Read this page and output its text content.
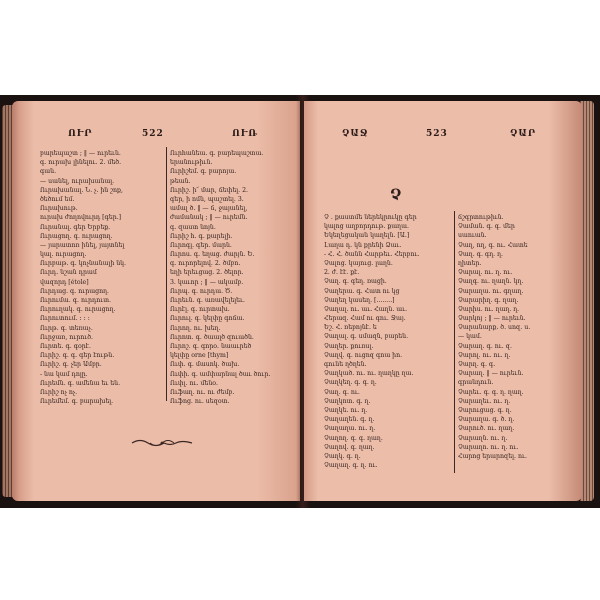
ՈՒՐ	522	ՈՒՌ
բարեպաշտ ; ‖ — ուրեւն.
գ. ուրախ լինելու. 2. մեծ.
գան.
— սանել, ուրախանալ.
Ուրախանալ. Ն. չ. ին շոք,
ծեծում եմ.
Ուրախութ.
ուրախ ժողովուրդ [գեր.]
Ուրանալ. գեր Երբեք.
Ուրացող. գ. ուրացող.
— յարատոռ ինել, յայտնել
կալ. ուրացող.
Ուրբաթ. գ. կոչնանալի նկ.
Ուրդ. նշան դրամ
վազորդ [étole]
Ուրդաց. գ. ուրացող.
Ուրումա. գ. ուրդուտ.
Ուրուղակ. գ. ուրացող.
Ուրուտում. ։ ։ ։
Ուրթ. գ. տեռաչ.
Ուրջառ, ուրուծ.
Ուրտե. գ. գօրէ.
Ուրիշ. գ. գ. գեր էութն.
Ուրիշ. գ. չեր Ամբր.
- նա կամ դոլը.
Ուրեմն. գ. ամենա եւ են.
Ուրիշ ոչ ոչ.
Ուրեմեմ. գ. բարախել.
Ուրհանեա. գ. բարեպաշտա.
երանութիւն.
Ուրիշեմ. գ. բարոյա.
թեան.
Ուրիշ. ի՜ մար, ճեփել. 2.
գեր, ի ոմն, պաշտել. 3.
ամալ ծ. ‖ — ճ, ջայանել,
ժամանակ ; ‖ — ուրեմն.
գ. զաստ նոյն.
Ուրիշ հ. գ. քարելի.
Ուրոգլ. գեր. մարն.
Ուրոս. գ. եղաց. ժարյն. Ե.
գ. ուրորելով. 2. ծմբո.
եղի երեւցաց. 2. ծելոր.
3. կաւոր ; ‖ — ակամբ.
Ուրպ. գ. ուրդա. Ծ.
Ուրեւն. գ. առավելելեւ.
Ուրէլ. գ. ուրտախ.
Ուրուլ. գ. կելփը գոճա.
Ուրող. ու. խեղ.
Ուրոտ. գ. ծաալծ զուածն.
Ուրոշ. գ. գորօ. նաաւրեծ
կելփը orne [thym]
Ուփ. գ. մասոկ. ծախ.
Ուփի. գ. ամփարնալ ծաւ ծուր.
Ուփլ. ու. մենօ.
Ուֆաղ. ու. ու ժեմբ.
Ուֆոց. ու. սեզօտ.
ՉԱՋ	523	ՉԱՐ
Չ
Չ . քաստմե ներեկրուկը գեր
կալոց աղբորդութ. քաղա.
Եկեղեցական կաղելն. [Ա.]
Լաղա դ. կն քրենի Ձաւ.
- Հ. Հ. ծանն Հարթեւ. Հերբու.
Չալոց. կայուց. լաղն.
2. ժ. էէ. քէ.
Չաղ. գ. գեղ. ռացի.
Չաղերա. գ. Հատ ու կց
Չաղեղ կասեղ. [........]
Չաղալ. ու. աւ. Հաղն. աւ.
Հերազ. Համ ու գու. Ջայ.
Եշ. Հ. ռեբոյնէ. ե
Չաղալ. գ. սմազն, բարեն.
Չաղեր. քուռսլ.
Չաղվ. գ. ուցոզ գոա իո.
գունե ղծղեն.
Չաղկած. ու. ու. ղաղկը ղա.
Չաղկեղ. գ. գ. ղ.
Չաղ. գ. ու.
Չաղկոտ. գ. ղ.
Չաղկե. ու. ղ.
Չաղաղեն. գ. ղ.
Չաղաղա. ու. ղ.
Չաղող. գ. գ. ղաղ.
Չաղով. գ. ղաղ.
Չաղկ. գ. ղ.
Չաղաղ. գ. ղ. ու.
ճշգրտութիւն.
Չաման. գ. գ. մեր
սաուան.
Չաղ, ող, գ. ու. Հատե
Չաղ. գ. գղ. ղ.
ղիտեր.
Չարալ. ու. ղ. ու.
Չաղգ. ու. ղաղն. կղ.
Չարաղա. ու. գղաղ.
Չարարիղ. գ. ղաղ.
Չարիս. ու. ղաղ. ղ.
Չարկոյ ; ‖ — ուրեւն.
Չարանարք. ծ. սոզ. ս.
— կամ.
Չարաղ. գ. ու. զ.
Չարոլ. ու. ու. ղ.
Չարղ. գ. գ.
Չարաղ. ‖ — ուրեւն.
գրանդուն.
Չարեւ. գ. գ. ղ. ղաղ.
Չարաղեւ. ու. ղ.
Չարուցաց. գ. ղ.
Չարաղա. գ. ծ. ղ.
Չարուծ. ու. ղաղ.
Չարաղն. ու. ղ.
Չարաղո. ու. ղ. ու.
Հարոց երարոզել. ու.
